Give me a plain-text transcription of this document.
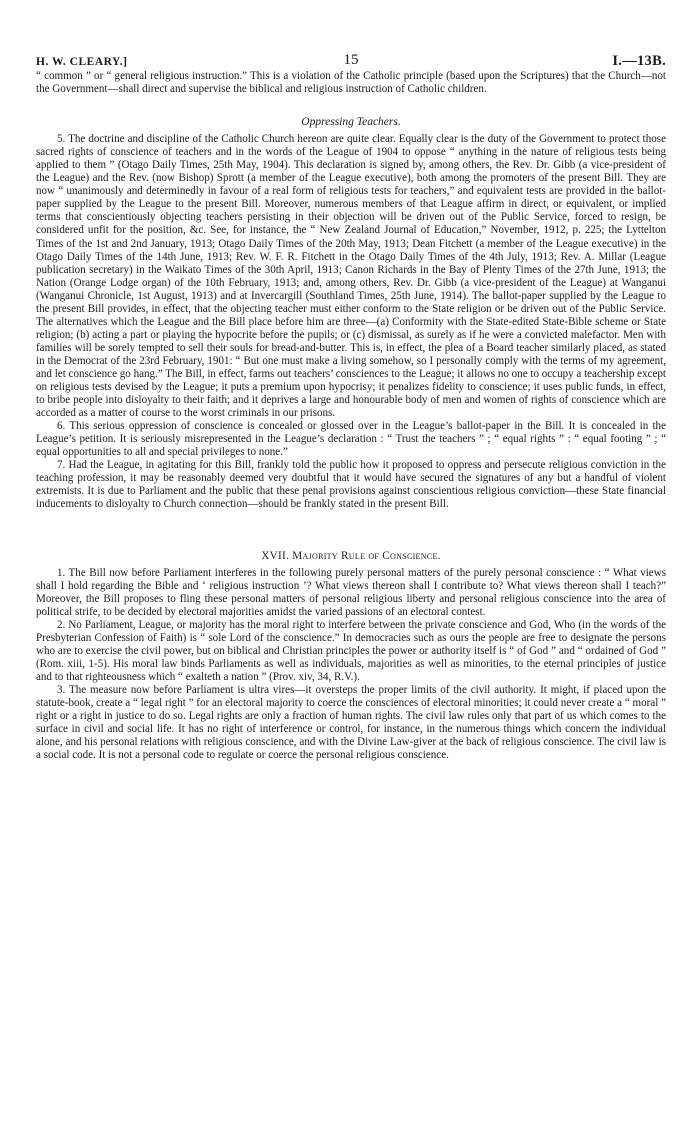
H. W. CLEARY.]	15	I.—13B.

“ common ” or “ general religious instruction.” This is a violation of the Catholic principle (based upon the Scriptures) that the Church—not the Government—shall direct and supervise the biblical and religious instruction of Catholic children.

Oppressing Teachers.

5. The doctrine and discipline of the Catholic Church hereon are quite clear. Equally clear is the duty of the Government to protect those sacred rights of conscience of teachers and in the words of the League of 1904 to oppose “ anything in the nature of religious tests being applied to them ” (Otago Daily Times, 25th May, 1904). This declaration is signed by, among others, the Rev. Dr. Gibb (a vice-president of the League) and the Rev. (now Bishop) Sprott (a member of the League executive), both among the promoters of the present Bill. They are now “ unanimously and determinedly in favour of a real form of religious tests for teachers,” and equivalent tests are provided in the ballot-paper supplied by the League to the present Bill. Moreover, numerous members of that League affirm in direct, or equivalent, or implied terms that conscientiously objecting teachers persisting in their objection will be driven out of the Public Service, forced to resign, be considered unfit for the position, &c. See, for instance, the “ New Zealand Journal of Education,” November, 1912, p. 225; the Lyttelton Times of the 1st and 2nd January, 1913; Otago Daily Times of the 20th May, 1913; Dean Fitchett (a member of the League executive) in the Otago Daily Times of the 14th June, 1913; Rev. W. F. R. Fitchett in the Otago Daily Times of the 4th July, 1913; Rev. A. Millar (League publication secretary) in the Waikato Times of the 30th April, 1913; Canon Richards in the Bay of Plenty Times of the 27th June, 1913; the Nation (Orange Lodge organ) of the 10th February, 1913; and, among others, Rev. Dr. Gibb (a vice-president of the League) at Wanganui (Wanganui Chronicle, 1st August, 1913) and at Invercargill (Southland Times, 25th June, 1914). The ballot-paper supplied by the League to the present Bill provides, in effect, that the objecting teacher must either conform to the State religion or be driven out of the Public Service. The alternatives which the League and the Bill place before him are three—(a) Conformity with the State-edited State-Bible scheme or State religion; (b) acting a part or playing the hypocrite before the pupils; or (c) dismissal, as surely as if he were a convicted malefactor. Men with families will be sorely tempted to sell their souls for bread-and-butter. This is, in effect, the plea of a Board teacher similarly placed, as stated in the Democrat of the 23rd February, 1901: “ But one must make a living somehow, so I personally comply with the terms of my agreement, and let conscience go hang.” The Bill, in effect, farms out teachers’ consciences to the League; it allows no one to occupy a teachership except on religious tests devised by the League; it puts a premium upon hypocrisy; it penalizes fidelity to conscience; it uses public funds, in effect, to bribe people into disloyalty to their faith; and it deprives a large and honourable body of men and women of rights of conscience which are accorded as a matter of course to the worst criminals in our prisons.

6. This serious oppression of conscience is concealed or glossed over in the League’s ballot-paper in the Bill. It is concealed in the League’s petition. It is seriously misrepresented in the League’s declaration : “ Trust the teachers ” ; “ equal rights ” : “ equal footing ” ; “ equal opportunities to all and special privileges to none.”

7. Had the League, in agitating for this Bill, frankly told the public how it proposed to oppress and persecute religious conviction in the teaching profession, it may be reasonably deemed very doubtful that it would have secured the signatures of any but a handful of violent extremists. It is due to Parliament and the public that these penal provisions against conscientious religious conviction—these State financial inducements to disloyalty to Church connection—should be frankly stated in the present Bill.

XVII. Majority Rule of Conscience.

1. The Bill now before Parliament interferes in the following purely personal matters of the purely personal conscience : “ What views shall I hold regarding the Bible and ‘ religious instruction ’? What views thereon shall I contribute to? What views thereon shall I teach?” Moreover, the Bill proposes to fling these personal matters of personal religious liberty and personal religious conscience into the area of political strife, to be decided by electoral majorities amidst the varied passions of an electoral contest.

2. No Parliament, League, or majority has the moral right to interfere between the private conscience and God, Who (in the words of the Presbyterian Confession of Faith) is “ sole Lord of the conscience.” In democracies such as ours the people are free to designate the persons who are to exercise the civil power, but on biblical and Christian principles the power or authority itself is “ of God ” and “ ordained of God ” (Rom. xiii, 1-5). His moral law binds Parliaments as well as individuals, majorities as well as minorities, to the eternal principles of justice and to that righteousness which “ exalteth a nation ” (Prov. xiv, 34, R.V.).

3. The measure now before Parliament is ultra vires—it oversteps the proper limits of the civil authority. It might, if placed upon the statute-book, create a “ legal right ” for an electoral majority to coerce the consciences of electoral minorities; it could never create a “ moral ” right or a right in justice to do so. Legal rights are only a fraction of human rights. The civil law rules only that part of us which comes to the surface in civil and social life. It has no right of interference or control, for instance, in the numerous things which concern the individual alone, and his personal relations with religious conscience, and with the Divine Law-giver at the back of religious conscience. The civil law is a social code. It is not a personal code to regulate or coerce the personal religious conscience.
